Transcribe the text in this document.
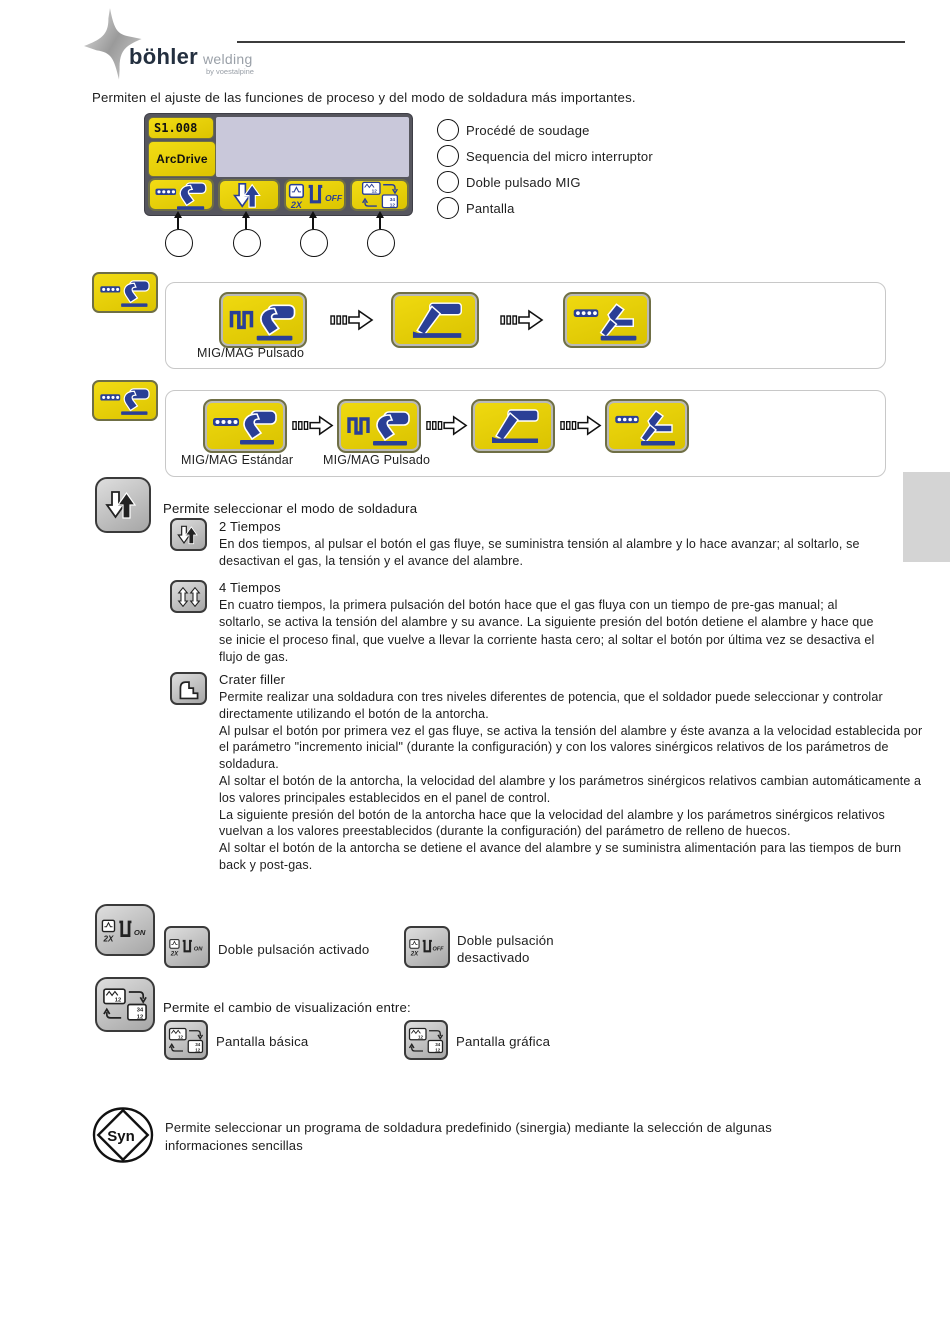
böhler welding
by voestalpine
Permiten el ajuste de las funciones de proceso y del modo de soldadura más importantes.
S1.008
ArcDrive
2X
OFF
12
34
12
Procédé de soudage
Sequencia del micro interruptor
Doble pulsado MIG
Pantalla
MIG/MAG Pulsado
MIG/MAG Estándar MIG/MAG Pulsado
Permite seleccionar el modo de soldadura
2 Tiempos
En dos tiempos, al pulsar el botón el gas fluye, se suministra tensión al alambre y lo hace avanzar; al soltarlo, se desactivan el gas, la tensión y el avance del alambre.
4 Tiempos
En cuatro tiempos, la primera pulsación del botón hace que el gas fluya con un tiempo de pre-gas manual; al soltarlo, se activa la tensión del alambre y su avance. La siguiente presión del botón detiene el alambre y hace que se inicie el proceso final, que vuelve a llevar la corriente hasta cero; al soltar el botón por última vez se desactiva el flujo de gas.
Crater filler

Permite realizar una soldadura con tres niveles diferentes de potencia, que el soldador puede seleccionar y controlar directamente utilizando el botón de la antorcha.

Al pulsar el botón por primera vez el gas fluye, se activa la tensión del alambre y éste avanza a la velocidad establecida por el parámetro "incremento inicial" (durante la configuración) y con los valores sinérgicos relativos de los parámetros de soldadura.

Al soltar el botón de la antorcha, la velocidad del alambre y los parámetros sinérgicos relativos cambian automáticamente a los valores principales establecidos en el panel de control.

La siguiente presión del botón de la antorcha hace que la velocidad del alambre y los parámetros sinérgicos relativos vuelvan a los valores preestablecidos (durante la configuración) del parámetro de relleno de huecos.

Al soltar el botón de la antorcha se detiene el avance del alambre y se suministra alimentación para las tiempos de burn back y post-gas.

2X
ON
2X
ON Doble pulsación activado	2X
OFF
Doble pulsación desactivado
12
34
12
Permite el cambio de visualización entre:
12
34
12
Pantalla básica	12
34
12
Pantalla gráfica
Syn
Permite seleccionar un programa de soldadura predefinido (sinergia) mediante la selección de algunas informaciones sencillas
